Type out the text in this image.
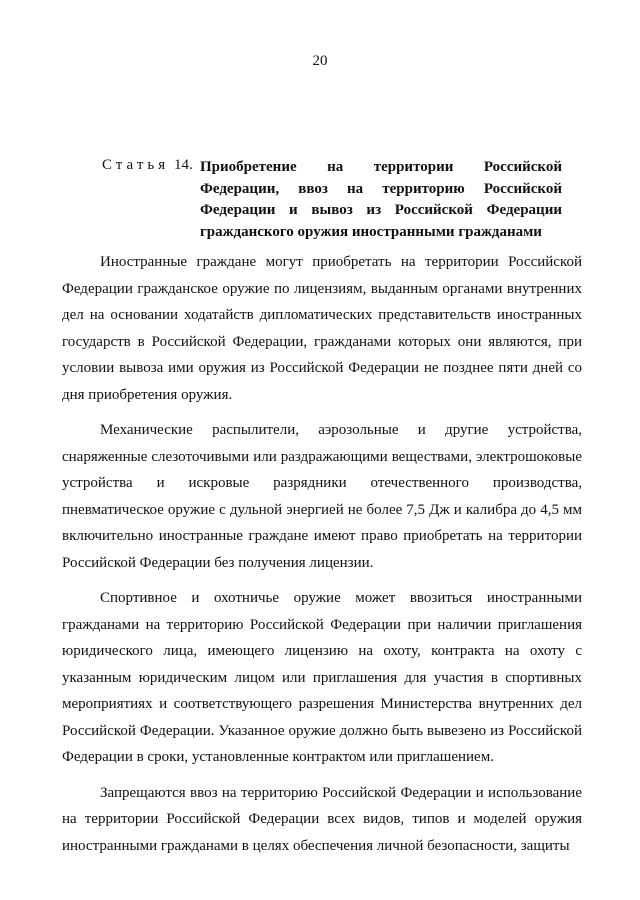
20
Статья 14. Приобретение на территории Российской Федерации, ввоз на территорию Российской Федерации и вывоз из Российской Федерации гражданского оружия иностранными гражданами

Иностранные граждане могут приобретать на территории Российской Федерации гражданское оружие по лицензиям, выданным органами внутренних дел на основании ходатайств дипломатических представительств иностранных государств в Российской Федерации, гражданами которых они являются, при условии вывоза ими оружия из Российской Федерации не позднее пяти дней со дня приобретения оружия.

Механические распылители, аэрозольные и другие устройства, снаряженные слезоточивыми или раздражающими веществами, электрошоковые устройства и искровые разрядники отечественного производства, пневматическое оружие с дульной энергией не более 7,5 Дж и калибра до 4,5 мм включительно иностранные граждане имеют право приобретать на территории Российской Федерации без получения лицензии.

Спортивное и охотничье оружие может ввозиться иностранными гражданами на территорию Российской Федерации при наличии приглашения юридического лица, имеющего лицензию на охоту, контракта на охоту с указанным юридическим лицом или приглашения для участия в спортивных мероприятиях и соответствующего разрешения Министерства внутренних дел Российской Федерации. Указанное оружие должно быть вывезено из Российской Федерации в сроки, установленные контрактом или приглашением.

Запрещаются ввоз на территорию Российской Федерации и использование на территории Российской Федерации всех видов, типов и моделей оружия иностранными гражданами в целях обеспечения личной безопасности, защиты
